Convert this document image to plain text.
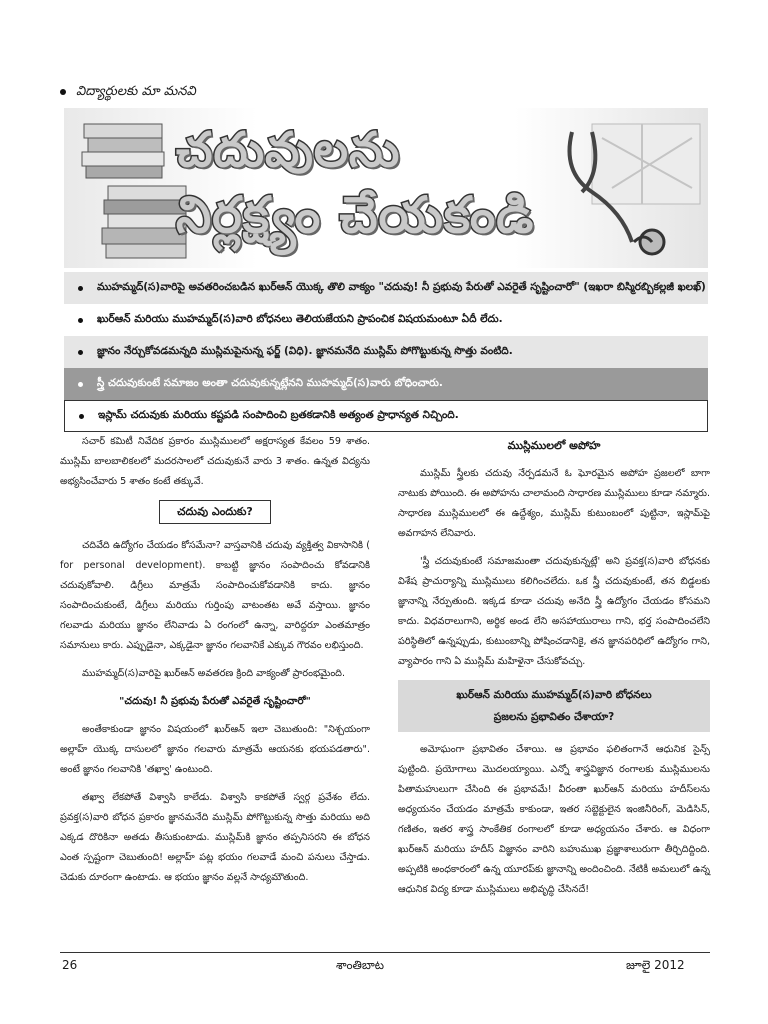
విద్యార్థులకు మా మనవి
చదువులను
నిర్లక్ష్యం చేయకండి
ముహమ్మద్(స)వారిపై అవతరించబడిన ఖుర్‌ఆన్ యొక్క తొలి వాక్యం "చదువు! నీ ప్రభువు పేరుతో ఎవరైతే సృష్టించారో" (ఇఖరా బిస్మిరబ్బికల్లజీ ఖలఖ్)
ఖుర్‌ఆన్ మరియు ముహమ్మద్(స)వారి బోధనలు తెలియజేయని ప్రాపంచిక విషయమంటూ ఏదీ లేదు.
జ్ఞానం నేర్చుకోవడమన్నది ముస్లిమపైనున్న ఫర్జ్ (విధి). జ్ఞానమనేది ముస్లిమ్ పోగొట్టుకున్న సొత్తు వంటిది.
స్త్రీ చదువుకుంటే సమాజం అంతా చదువుకున్నట్లేనని ముహమ్మద్(స)వారు బోధించారు.
ఇస్లామ్ చదువుకు మరియు కష్టపడి సంపాదించి బ్రతకడానికి అత్యంత ప్రాధాన్యత నిచ్చింది.

సచార్ కమిటీ నివేదిక ప్రకారం ముస్లిములలో అక్షరాస్యత కేవలం 59 శాతం. ముస్లిమ్ బాలబాలికలలో మదరసాలలో చదువుకునే వారు 3 శాతం. ఉన్నత విద్యను అభ్యసించేవారు 5 శాతం కంటే తక్కువే.

చదువు ఎందుకు?

చదివేది ఉద్యోగం చేయడం కోసమేనా? వాస్తవానికి చదువు వ్యక్తిత్వ వికాసానికి ( for personal development). కాబట్టి జ్ఞానం సంపాదించు కోవడానికి చదువుకోవాలి. డిగ్రీలు మాత్రమే సంపాదించుకోవడానికి కాదు. జ్ఞానం సంపాదించుకుంటే, డిగ్రీలు మరియు గుర్తింపు వాటంతట అవే వస్తాయి. జ్ఞానం గలవాడు మరియు జ్ఞానం లేనివాడు ఏ రంగంలో ఉన్నా, వారిద్దరూ ఎంతమాత్రం సమానులు కారు. ఎప్పుడైనా, ఎక్కడైనా జ్ఞానం గలవానికే ఎక్కువ గౌరవం లభిస్తుంది.

ముహమ్మద్(స)వారిపై ఖుర్‌ఆన్ అవతరణ క్రింది వాక్యంతో ప్రారంభమైంది.

"చదువు! నీ ప్రభువు పేరుతో ఎవరైతే సృష్టించారో"

అంతేకాకుండా జ్ఞానం విషయంలో ఖుర్‌ఆన్ ఇలా చెబుతుంది: "నిశ్చయంగా అల్లాహ్ యొక్క దాసులలో జ్ఞానం గలవారు మాత్రమే ఆయనకు భయపడతారు". అంటే జ్ఞానం గలవానికి 'తఖ్వా' ఉంటుంది.

తఖ్వా లేకపోతే విశ్వాసి కాలేడు. విశ్వాసి కాకపోతే స్వర్గ ప్రవేశం లేదు. ప్రవక్త(స)వారి బోధన ప్రకారం జ్ఞానమనేది ముస్లిమ్ పోగొట్టుకున్న సొత్తు మరియు అది ఎక్కడ దొరికినా అతడు తీసుకుంటాడు. ముస్లిమ్‌కి జ్ఞానం తప్పనిసరని ఈ బోధన ఎంత స్పష్టంగా చెబుతుంది! అల్లాహ్ పట్ల భయం గలవాడే మంచి పనులు చేస్తాడు. చెడుకు దూరంగా ఉంటాడు. ఆ భయం జ్ఞానం వల్లనే సాధ్యమౌతుంది.

ముస్లిములలో అపోహ

ముస్లిమ్ స్త్రీలకు చదువు నేర్పడమనే ఓ ఘోరమైన అపోహ ప్రజలలో బాగా నాటుకు పోయింది. ఈ అపోహను చాలామంది సాధారణ ముస్లిములు కూడా నమ్మారు. సాధారణ ముస్లిములలో ఈ ఉద్దేశ్యం, ముస్లిమ్ కుటుంబంలో పుట్టినా, ఇస్లామ్‌పై అవగాహన లేనివారు.

'స్త్రీ చదువుకుంటే సమాజమంతా చదువుకున్నట్లే' అని ప్రవక్త(స)వారి బోధనకు విశేష ప్రాచుర్యాన్ని ముస్లిములు కలిగించలేదు. ఒక స్త్రీ చదువుకుంటే, తన బిడ్డలకు జ్ఞానాన్ని నేర్పుతుంది. ఇక్కడ కూడా చదువు అనేది స్త్రీ ఉద్యోగం చేయడం కోసమని కాదు. విధవరాలుగాని, అర్థిక అండ లేని అసహాయురాలు గాని, భర్త సంపాదించలేని పరిస్థితిలో ఉన్నప్పుడు, కుటుంబాన్ని పోషించడానికై, తన జ్ఞానపరిధిలో ఉద్యోగం గాని, వ్యాపారం గాని ఏ ముస్లిమ్ మహిళైనా చేసుకోవచ్చు.

ఖుర్‌ఆన్ మరియు ముహమ్మద్(స)వారి బోధనలు
ప్రజలను ప్రభావితం చేశాయా?

అమోఘంగా ప్రభావితం చేశాయి. ఆ ప్రభావం ఫలితంగానే ఆధునిక సైన్స్ పుట్టింది. ప్రయోగాలు మొదలయ్యాయి. ఎన్నో శాస్త్రవిజ్ఞాన రంగాలకు ముస్లిములను పితామహులుగా చేసింది ఈ ప్రభావమే! వీరంతా ఖుర్‌ఆన్ మరియు హదీస్‌లను అధ్యయనం చేయడం మాత్రమే కాకుండా, ఇతర సబ్జెక్టులైన ఇంజినీరింగ్, మెడిసిన్, గణితం, ఇతర శాస్త్ర సాంకేతిక రంగాలలో కూడా అధ్యయనం చేశారు. ఆ విధంగా ఖుర్‌ఆన్ మరియు హదీస్ విజ్ఞానం వారిని బహుముఖ ప్రజ్ఞాశాలురుగా తీర్చిదిద్దింది. అప్పటికి అంధకారంలో ఉన్న యూరప్‌కు జ్ఞానాన్ని అందించింది. నేటికీ అమలులో ఉన్న ఆధునిక విద్య కూడా ముస్లిములు అభివృద్ధి చేసినదే!

26	శాంతిబాట	జూలై 2012
